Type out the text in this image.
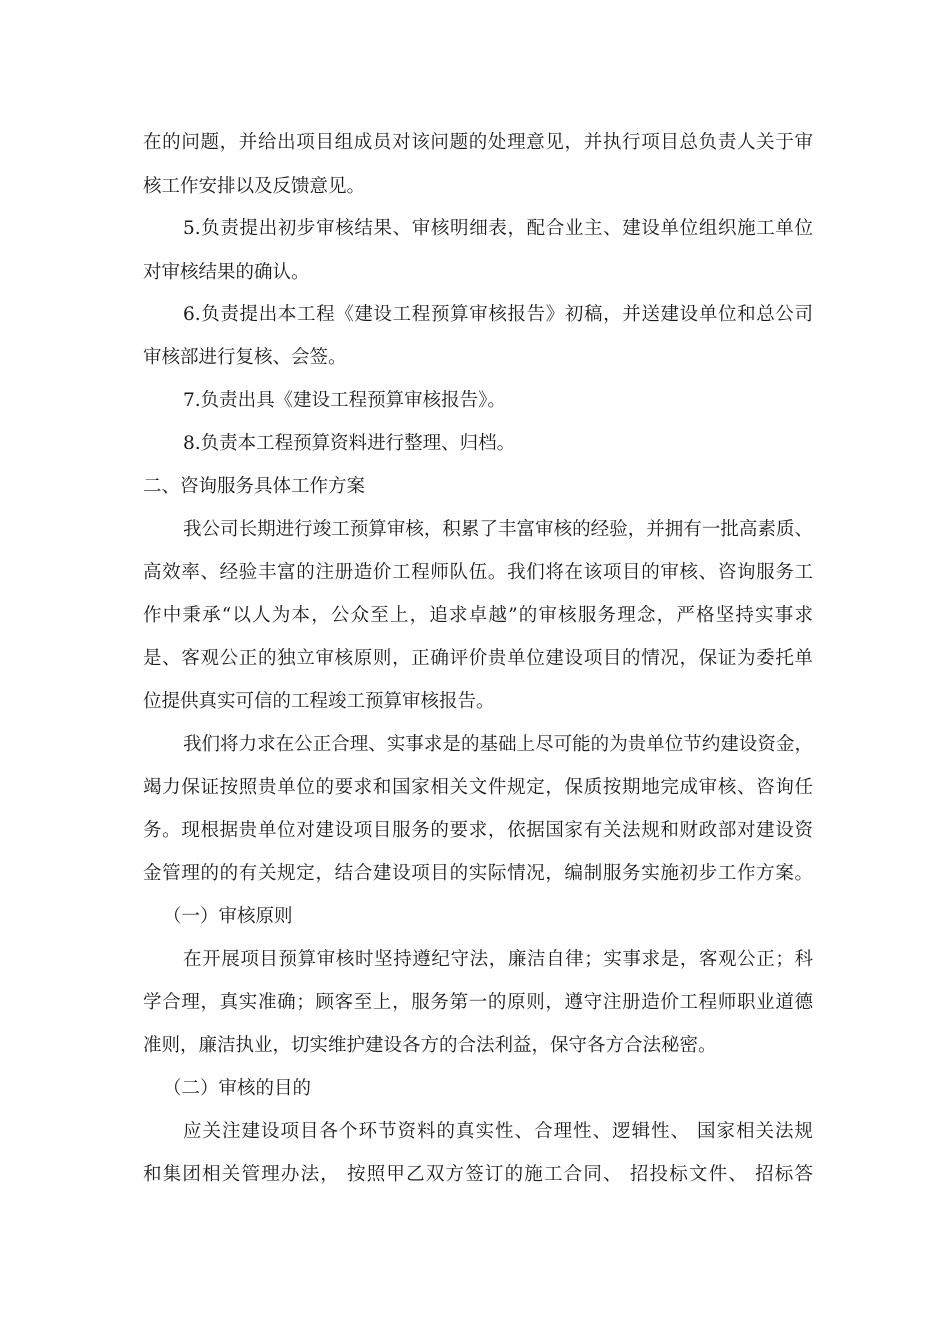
在的问题，并给出项目组成员对该问题的处理意见，并执行项目总负责人关于审
核工作安排以及反馈意见。
5.负责提出初步审核结果、审核明细表，配合业主、建设单位组织施工单位
对审核结果的确认。
6.负责提出本工程《建设工程预算审核报告》初稿，并送建设单位和总公司
审核部进行复核、会签。
7.负责出具《建设工程预算审核报告》。
8.负责本工程预算资料进行整理、归档。
二、咨询服务具体工作方案
我公司长期进行竣工预算审核，积累了丰富审核的经验，并拥有一批高素质、
高效率、经验丰富的注册造价工程师队伍。我们将在该项目的审核、咨询服务工
作中秉承“以人为本，公众至上，追求卓越”的审核服务理念，严格坚持实事求
是、客观公正的独立审核原则，正确评价贵单位建设项目的情况，保证为委托单
位提供真实可信的工程竣工预算审核报告。
我们将力求在公正合理、实事求是的基础上尽可能的为贵单位节约建设资金，
竭力保证按照贵单位的要求和国家相关文件规定，保质按期地完成审核、咨询任
务。现根据贵单位对建设项目服务的要求，依据国家有关法规和财政部对建设资
金管理的的有关规定，结合建设项目的实际情况，编制服务实施初步工作方案。
（一）审核原则
在开展项目预算审核时坚持遵纪守法，廉洁自律；实事求是，客观公正；科
学合理，真实准确；顾客至上，服务第一的原则，遵守注册造价工程师职业道德
准则，廉洁执业，切实维护建设各方的合法利益，保守各方合法秘密。
（二）审核的目的
应关注建设项目各个环节资料的真实性、合理性、逻辑性、 国家相关法规
和集团相关管理办法， 按照甲乙双方签订的施工合同、 招投标文件、 招标答
